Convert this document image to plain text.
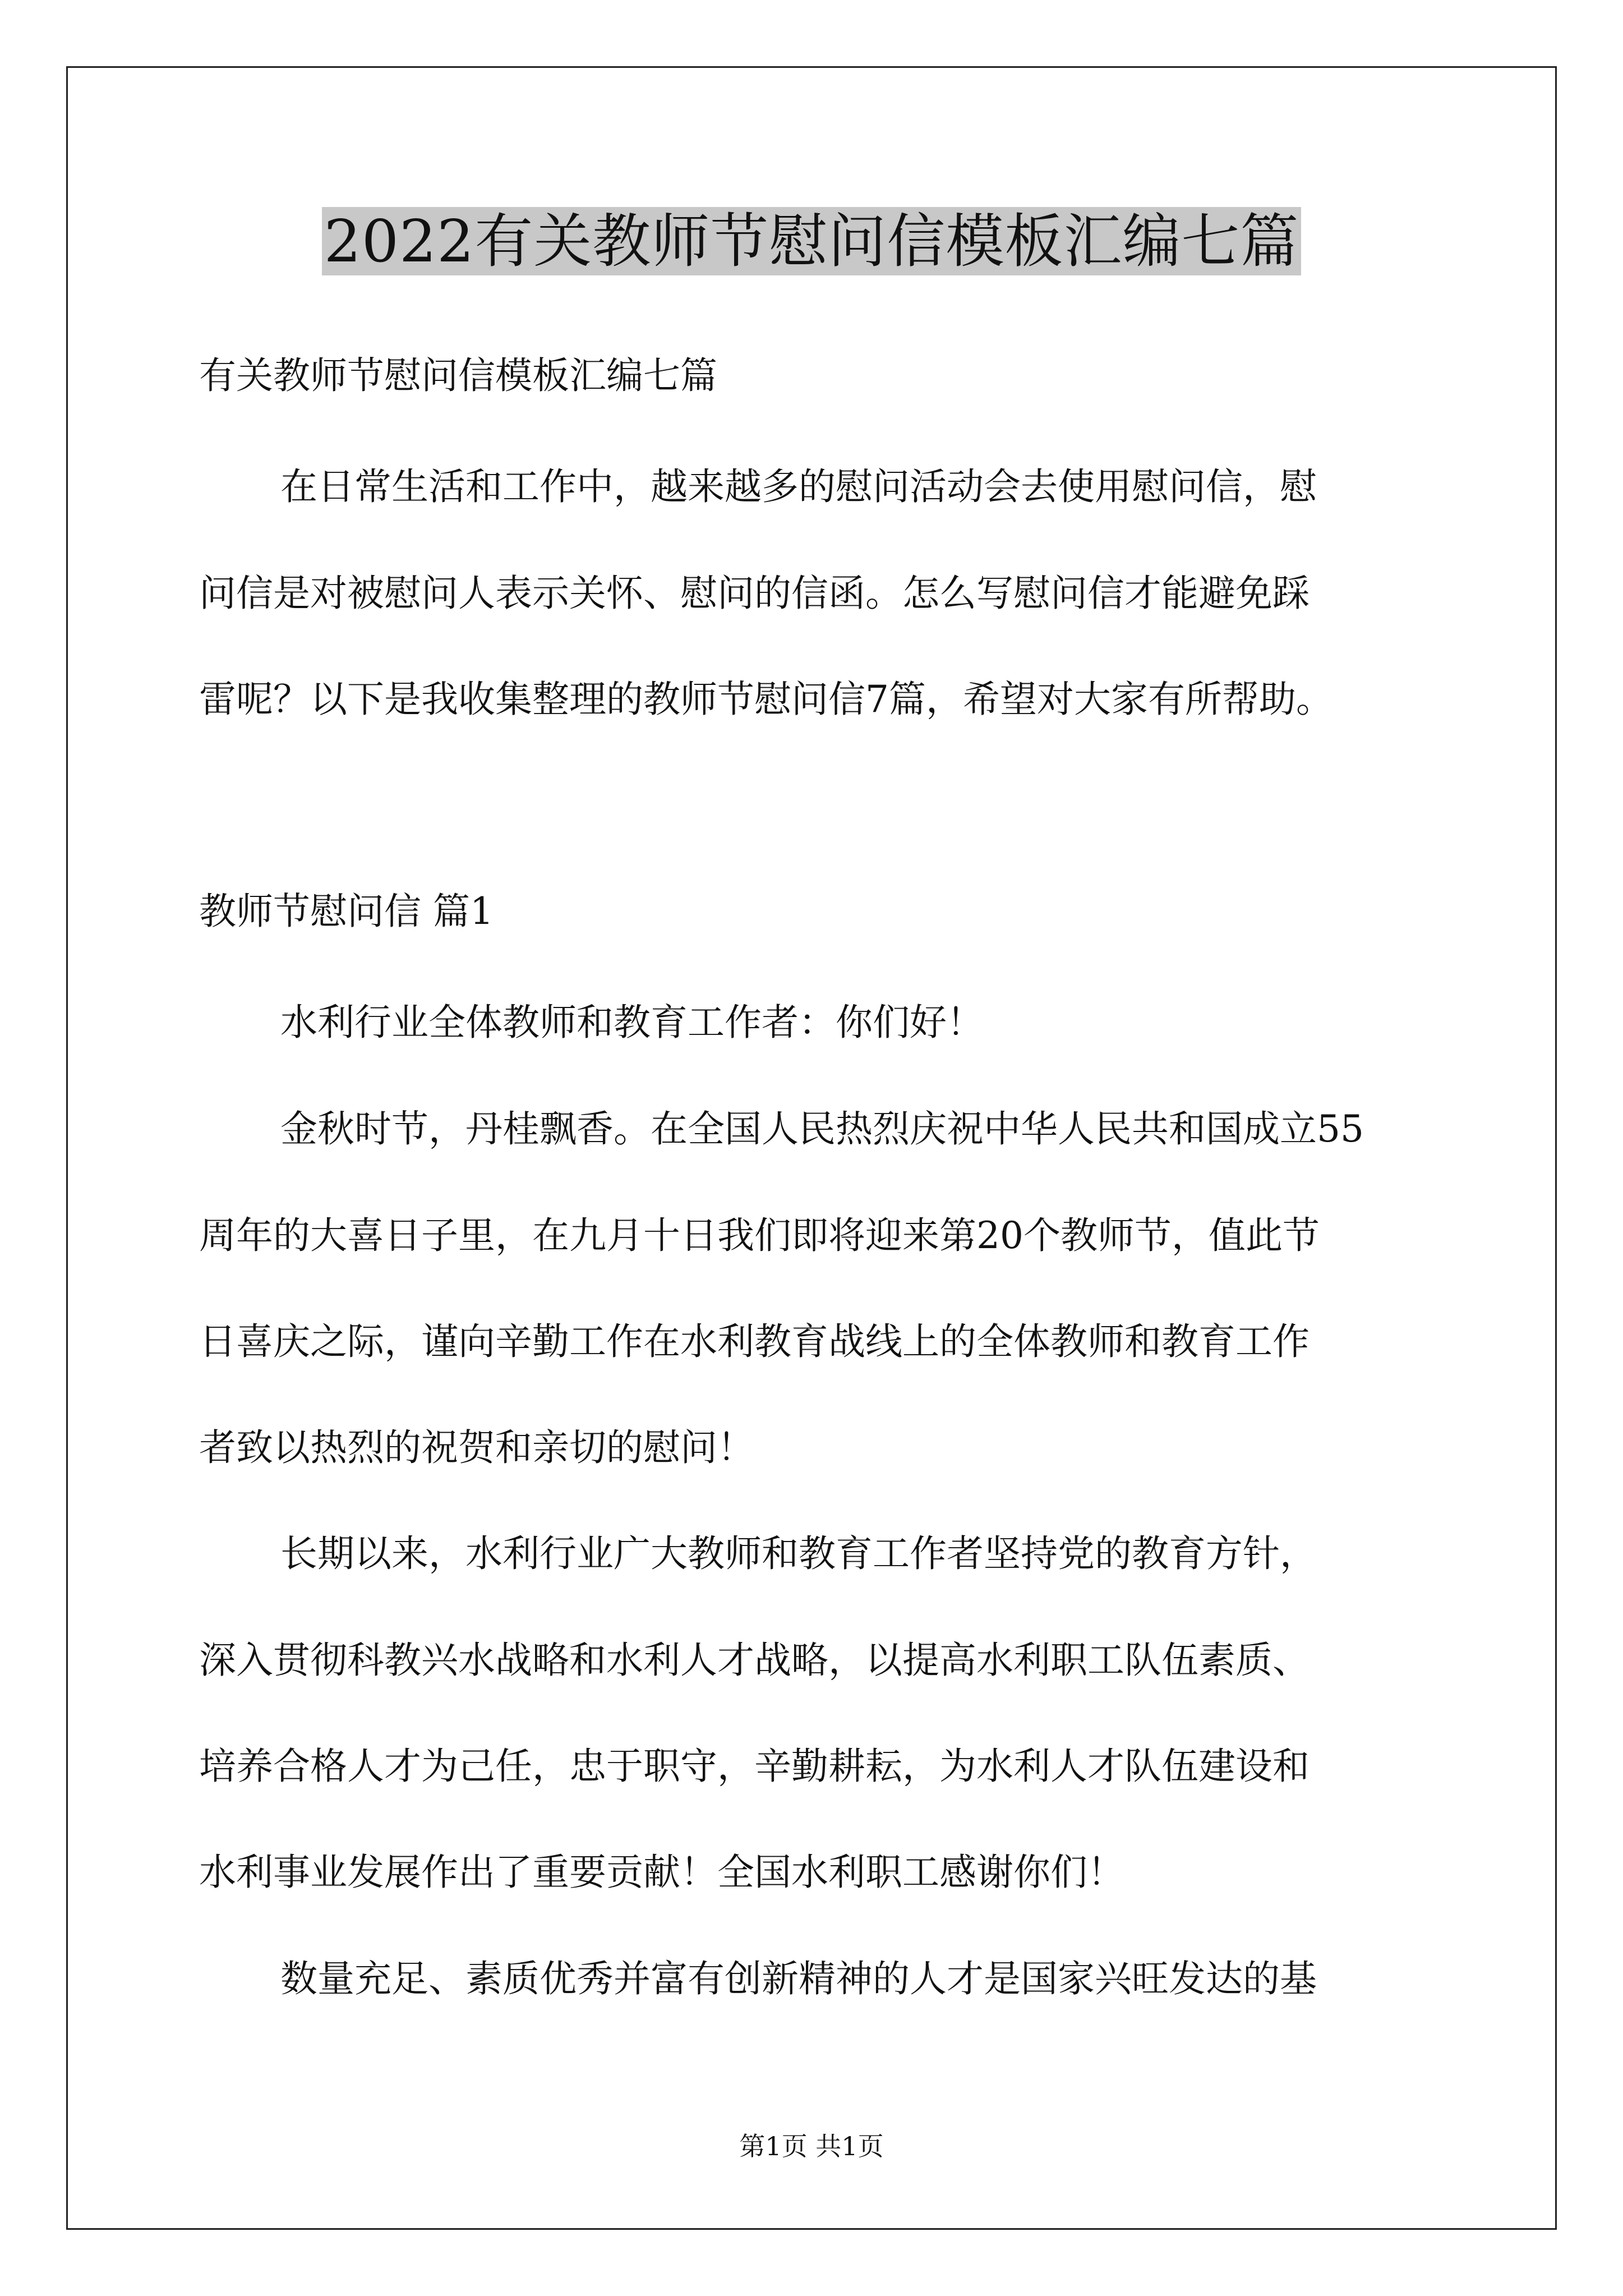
2022有关教师节慰问信模板汇编七篇
有关教师节慰问信模板汇编七篇
在日常生活和工作中，越来越多的慰问活动会去使用慰问信，慰
问信是对被慰问人表示关怀、慰问的信函。怎么写慰问信才能避免踩
雷呢？以下是我收集整理的教师节慰问信7篇，希望对大家有所帮助。
教师节慰问信 篇1
水利行业全体教师和教育工作者：你们好！
金秋时节，丹桂飘香。在全国人民热烈庆祝中华人民共和国成立55
周年的大喜日子里，在九月十日我们即将迎来第20个教师节，值此节
日喜庆之际，谨向辛勤工作在水利教育战线上的全体教师和教育工作
者致以热烈的祝贺和亲切的慰问！
长期以来，水利行业广大教师和教育工作者坚持党的教育方针，
深入贯彻科教兴水战略和水利人才战略，以提高水利职工队伍素质、
培养合格人才为己任，忠于职守，辛勤耕耘，为水利人才队伍建设和
水利事业发展作出了重要贡献！全国水利职工感谢你们！
数量充足、素质优秀并富有创新精神的人才是国家兴旺发达的基
第1页 共1页
